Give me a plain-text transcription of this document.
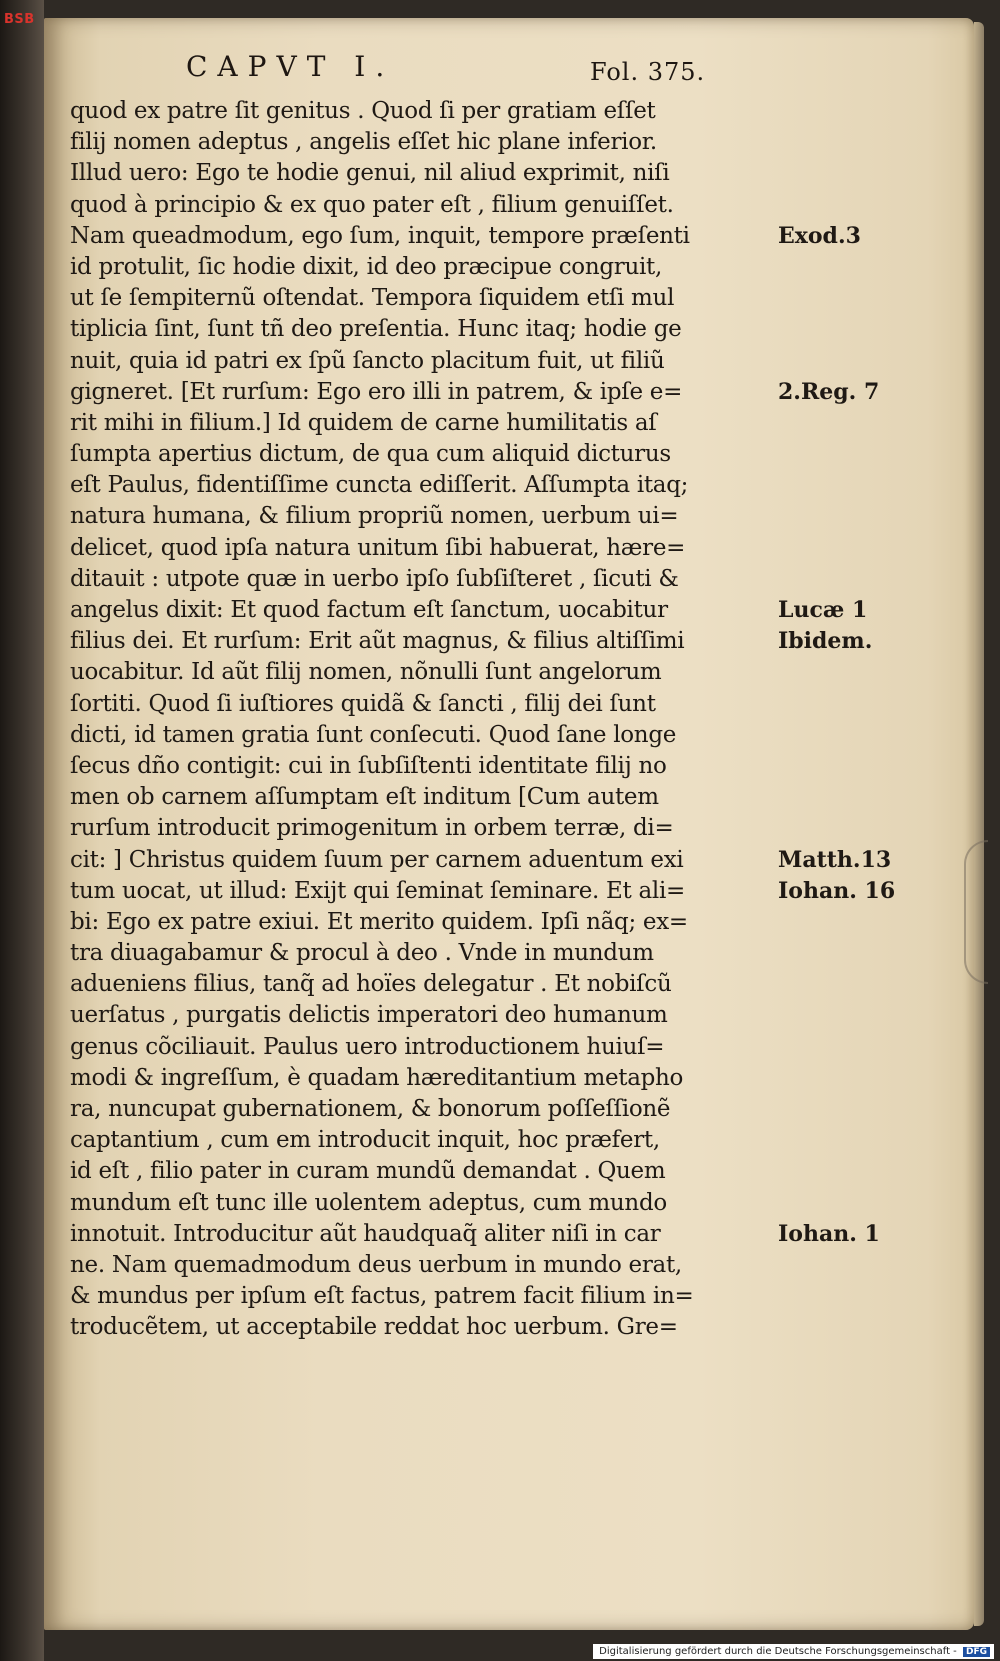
BSB
CAPVT I.	Fol. 375.
quod ex patre ſit genitus . Quod ſi per gratiam eſſet
filij nomen adeptus , angelis eſſet hic plane inferior.
Illud uero: Ego te hodie genui, nil aliud exprimit, niſi
quod à principio & ex quo pater eſt , filium genuiſſet.
Nam queadmodum, ego ſum, inquit, tempore præſenti
id protulit, ſic hodie dixit, id deo præcipue congruit,
ut ſe ſempiternũ oſtendat. Tempora ſiquidem etſi mul
tiplicia ſint, ſunt tñ deo preſentia. Hunc itaq; hodie ge
nuit, quia id patri ex ſpũ ſancto placitum fuit, ut filiũ
gigneret. [Et rurſum: Ego ero illi in patrem, & ipſe e=
rit mihi in filium.] Id quidem de carne humilitatis aſ
ſumpta apertius dictum, de qua cum aliquid dicturus
eſt Paulus, fidentiſſime cuncta ediſſerit. Aſſumpta itaq;
natura humana, & filium propriũ nomen, uerbum ui=
delicet, quod ipſa natura unitum ſibi habuerat, hære=
ditauit : utpote quæ in uerbo ipſo ſubſiſteret , ſicuti &
angelus dixit: Et quod factum eſt ſanctum, uocabitur
filius dei. Et rurſum: Erit aũt magnus, & filius altiſſimi
uocabitur. Id aũt filij nomen, nõnulli ſunt angelorum
ſortiti. Quod ſi iuſtiores quidã & ſancti , filij dei ſunt
dicti, id tamen gratia ſunt conſecuti. Quod ſane longe
ſecus dño contigit: cui in ſubſiſtenti identitate filij no
men ob carnem aſſumptam eſt inditum [Cum autem
rurſum introducit primogenitum in orbem terræ, di=
cit: ] Christus quidem ſuum per carnem aduentum exi
tum uocat, ut illud: Exijt qui ſeminat ſeminare. Et ali=
bi: Ego ex patre exiui. Et merito quidem. Ipſi nãq; ex=
tra diuagabamur & procul à deo . Vnde in mundum
adueniens filius, tanq̃ ad hoïes delegatur . Et nobiſcũ
uerſatus , purgatis delictis imperatori deo humanum
genus cõciliauit. Paulus uero introductionem huiuſ=
modi & ingreſſum, è quadam hæreditantium metapho
ra, nuncupat gubernationem, & bonorum poſſeſſionẽ
captantium , cum em introducit inquit, hoc præfert,
id eſt , filio pater in curam mundũ demandat . Quem
mundum eſt tunc ille uolentem adeptus, cum mundo
innotuit. Introducitur aũt haudquaq̃ aliter niſi in car
ne. Nam quemadmodum deus uerbum in mundo erat,
& mundus per ipſum eſt factus, patrem facit filium in=
troducẽtem, ut acceptabile reddat hoc uerbum. Gre=
Exod.3
2.Reg. 7
Lucæ 1
Ibidem.
Matth.13
Iohan. 16
Iohan. 1
Digitalisierung gefördert durch die Deutsche Forschungsgemeinschaft - DFG
